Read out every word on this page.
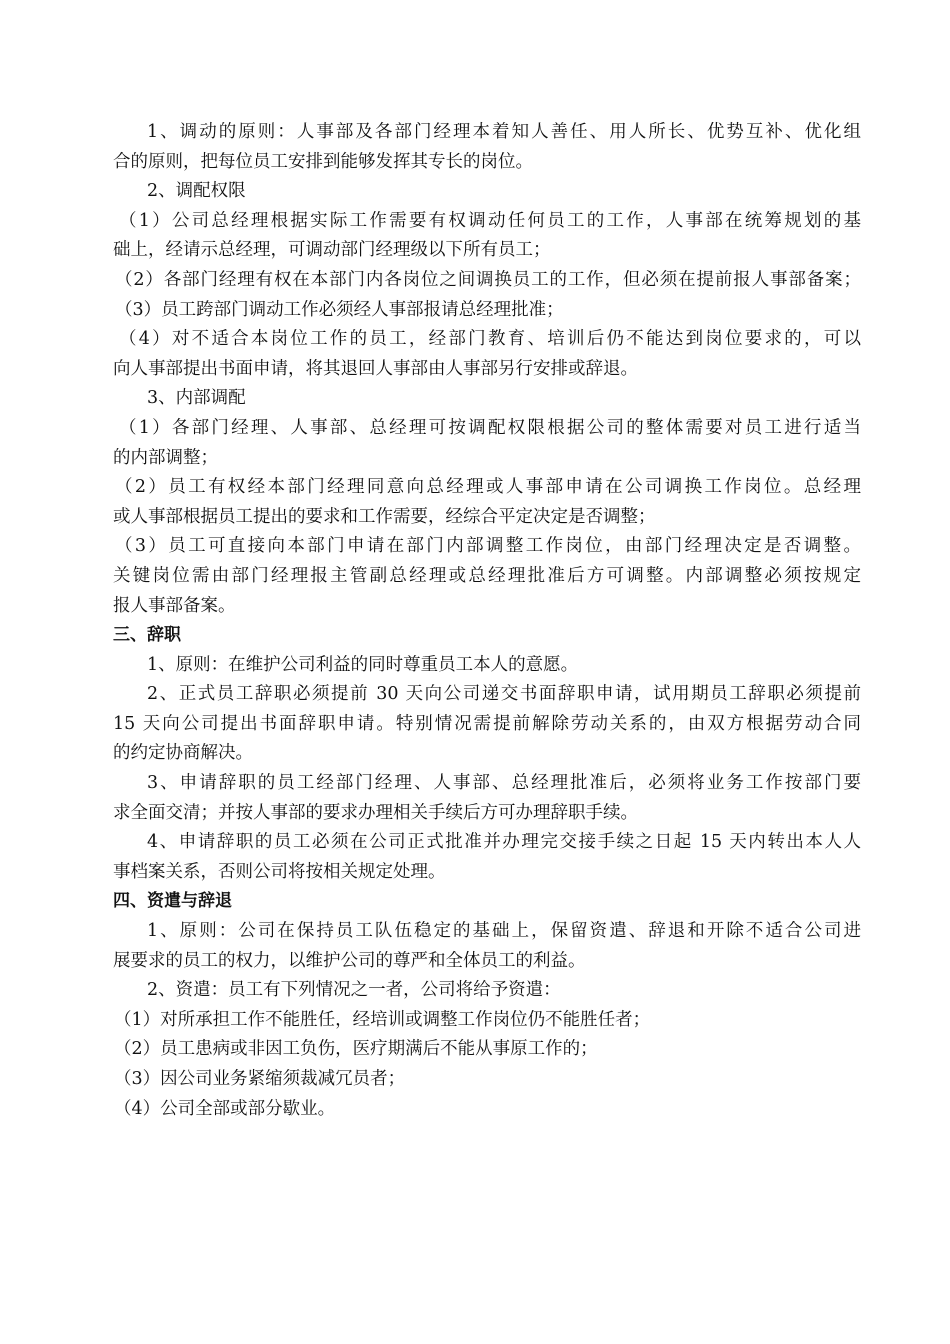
1、调动的原则：人事部及各部门经理本着知人善任、用人所长、优势互补、优化组
合的原则，把每位员工安排到能够发挥其专长的岗位。
2、调配权限
（1）公司总经理根据实际工作需要有权调动任何员工的工作，人事部在统筹规划的基
础上，经请示总经理，可调动部门经理级以下所有员工；
（2）各部门经理有权在本部门内各岗位之间调换员工的工作，但必须在提前报人事部备案；
（3）员工跨部门调动工作必须经人事部报请总经理批准；
（4）对不适合本岗位工作的员工，经部门教育、培训后仍不能达到岗位要求的，可以
向人事部提出书面申请，将其退回人事部由人事部另行安排或辞退。
3、内部调配
（1）各部门经理、人事部、总经理可按调配权限根据公司的整体需要对员工进行适当
的内部调整；
（2）员工有权经本部门经理同意向总经理或人事部申请在公司调换工作岗位。总经理
或人事部根据员工提出的要求和工作需要，经综合平定决定是否调整；
（3）员工可直接向本部门申请在部门内部调整工作岗位，由部门经理决定是否调整。
关键岗位需由部门经理报主管副总经理或总经理批准后方可调整。内部调整必须按规定
报人事部备案。
三、辞职
1、原则：在维护公司利益的同时尊重员工本人的意愿。
2、正式员工辞职必须提前 30 天向公司递交书面辞职申请，试用期员工辞职必须提前
15 天向公司提出书面辞职申请。特别情况需提前解除劳动关系的，由双方根据劳动合同
的约定协商解决。
3、申请辞职的员工经部门经理、人事部、总经理批准后，必须将业务工作按部门要
求全面交清；并按人事部的要求办理相关手续后方可办理辞职手续。
4、申请辞职的员工必须在公司正式批准并办理完交接手续之日起 15 天内转出本人人
事档案关系，否则公司将按相关规定处理。
四、资遣与辞退
1、原则：公司在保持员工队伍稳定的基础上，保留资遣、辞退和开除不适合公司进
展要求的员工的权力，以维护公司的尊严和全体员工的利益。
2、资遣：员工有下列情况之一者，公司将给予资遣：
（1）对所承担工作不能胜任，经培训或调整工作岗位仍不能胜任者；
（2）员工患病或非因工负伤，医疗期满后不能从事原工作的；
（3）因公司业务紧缩须裁减冗员者；
（4）公司全部或部分歇业。
